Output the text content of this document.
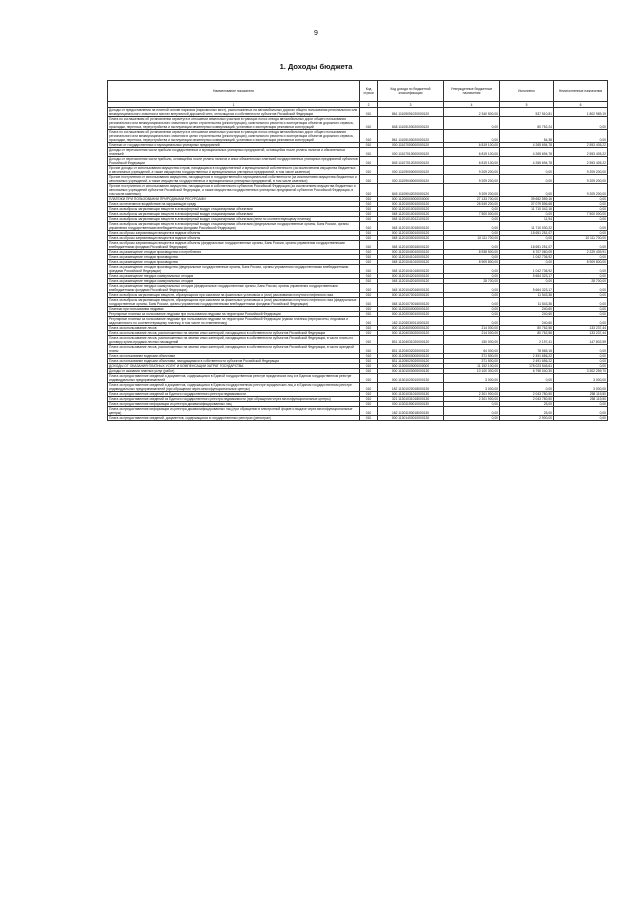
9
1. Доходы бюджета
Наименование показателя	Код строки	Код дохода по бюджетной классификации	Утвержденные бюджетные назначения	Исполнено	Неисполненные назначения
1	2	3	4	5	6
Доходы от предоставления на платной основе парковок (парковочных мест), расположенных на автомобильных дорогах общего пользования регионального или межмуниципального значения и местах внеуличной дорожной сети, относящихся к собственности субъектов Российской Федерации	010	861 11105091020000120	2 340 500,00	537 510,81	1 802 989,19
Плата по соглашениям об установлении сервитута в отношении земельных участков в границах полос отвода автомобильных дорог общего пользования регионального или межмуниципального значения в целях строительства (реконструкции), капитального ремонта и эксплуатации объектов дорожного сервиса, прокладки, переноса, переустройства и эксплуатации инженерных коммуникаций, установки и эксплуатации рекламных конструкций	010	848 11105100020000120	0,00	80 752,24	0,00
Плата по соглашениям об установлении сервитута в отношении земельных участков в границах полос отвода автомобильных дорог общего пользования регионального или межмуниципального значения в целях строительства (реконструкции), капитального ремонта и эксплуатации объектов дорожного сервиса, прокладки, переноса, переустройства и эксплуатации инженерных коммуникаций, установки и эксплуатации рекламных конструкций	010	861 11105100020000120	0,00	54,38	0,00
Платежи от государственных и муниципальных унитарных предприятий	010	000 11107000000000120	6 819 100,00	4 265 694,78	2 553 405,22
Доходы от перечисления части прибыли государственных и муниципальных унитарных предприятий, остающейся после уплаты налогов и обязательных платежей	010	000 11107010000000120	6 819 100,00	4 265 694,78	2 553 405,22
Доходы от перечисления части прибыли, остающейся после уплаты налогов и иных обязательных платежей государственных унитарных предприятий субъектов Российской Федерации	010	845 11107012020000120	6 819 100,00	4 265 694,78	2 553 405,22
Прочие доходы от использования имущества и прав, находящихся в государственной и муниципальной собственности (за исключением имущества бюджетных и автономных учреждений, а также имущества государственных и муниципальных унитарных предприятий, в том числе казенных)	010	000 11109000000000120	9 209 200,00	0,00	9 209 200,00
Прочие поступления от использования имущества, находящегося в государственной и муниципальной собственности (за исключением имущества бюджетных и автономных учреждений, а также имущества государственных и муниципальных унитарных предприятий, в том числе казенных)	010	000 11109040000000120	9 209 200,00	0,00	9 209 200,00
Прочие поступления от использования имущества, находящегося в собственности субъектов Российской Федерации (за исключением имущества бюджетных и автономных учреждений субъектов Российской Федерации, а также имущества государственных унитарных предприятий субъектов Российской Федерации, в том числе казенных)	010	845 11109042020000120	9 209 200,00	0,00	9 209 200,00
ПЛАТЕЖИ ПРИ ПОЛЬЗОВАНИИ ПРИРОДНЫМИ РЕСУРСАМИ	010	000 11200000000000000	27 133 700,00	39 652 559,16	0,00
Плата за негативное воздействие на окружающую среду	010	000 11201000010000120	26 549 200,00	37 079 896,68	0,00
Плата за выбросы загрязняющих веществ в атмосферный воздух стационарными объектами	010	000 11201010010000120	0,00	11 710 042,16	0,00
Плата за выбросы загрязняющих веществ в атмосферный воздух стационарными объектами	010	048 11201010010000120	7 500 000,00	0,00	7 500 000,00
Плата за выбросы загрязняющих веществ в атмосферный воздух стационарными объектами (пени по соответствующему платежу)	010	048 11201010012100120	0,00	11,94	0,00
Плата за выбросы загрязняющих веществ в атмосферный воздух стационарными объектами (федеральные государственные органы, Банк России, органы управления государственными внебюджетными фондами Российской Федерации)	010	048 11201010016000120	0,00	11 710 030,22	0,00
Плата за сбросы загрязняющих веществ в водные объекты	010	000 11201030010000120	0,00	18 651 251,07	0,00
Плата за сбросы загрязняющих веществ в водные объекты	010	048 11201030010000120	10 111 700,00	0,00	10 111 700,00
Плата за сбросы загрязняющих веществ в водные объекты (федеральные государственные органы, Банк России, органы управления государственными внебюджетными фондами Российской Федерации)	010	048 11201030016000120	0,00	18 651 251,07	0,00
Плата за размещение отходов производства и потребления	010	000 11201040010000120	8 938 500,00	6 707 060,09	2 229 439,91
Плата за размещение отходов производства	010	000 11201041010000120	0,00	1 042 736,92	0,00
Плата за размещение отходов производства	010	048 11201041010000120	8 909 800,00	0,00	8 909 800,00
Плата за размещение отходов производства (федеральные государственные органы, Банк России, органы управления государственными внебюджетными фондами Российской Федерации)	010	048 11201041016000120	0,00	1 042 736,92	0,00
Плата за размещение твердых коммунальных отходов	010	000 11201042010000120	0,00	5 664 323,17	0,00
Плата за размещение твердых коммунальных отходов	010	048 11201042010000120	28 700,00	0,00	28 700,00
Плата за размещение твердых коммунальных отходов (федеральные государственные органы, Банк России, органы управления государственными внебюджетными фондами Российской Федерации)	010	048 11201042016000120	0,00	5 664 323,17	0,00
Плата за выбросы загрязняющих веществ, образующихся при сжигании на факельных установках и (или) рассеивании попутного нефтяного газа	010	000 11201070010000120	0,00	11 543,36	0,00
Плата за выбросы загрязняющих веществ, образующихся при сжигании на факельных установках и (или) рассеивании попутного нефтяного газа (федеральные государственные органы, Банк России, органы управления государственными внебюджетными фондами Российской Федерации)	010	048 11201070016000120	0,00	11 543,36	0,00
Платежи при пользовании недрами	010	000 11202000000000120	0,00	240,60	0,00
Регулярные платежи за пользование недрами при пользовании недрами на территории Российской Федерации	010	000 11202030010000120	0,00	240,60	0,00
Регулярные платежи за пользование недрами при пользовании недрами на территории Российской Федерации (суммы платежа (перерасчеты, недоимка и задолженность по соответствующему платежу, в том числе по отмененному)	010	182 11202030011000120	0,00	240,60	0,00
Плата за использование лесов	010	000 11204000000000120	214 000,00	80 762,56	133 237,44
Плата за использование лесов, расположенных на землях иных категорий, находящихся в собственности субъектов Российской Федерации	010	000 11204030020000120	214 000,00	80 762,56	133 237,44
Плата за использование лесов, расположенных на землях иных категорий, находящихся в собственности субъектов Российской Федерации, в части платы по договору купли-продажи лесных насаждений	010	831 11204031020000120	150 000,00	2 197,41	147 802,59
Плата за использование лесов, расположенных на землях иных категорий, находящихся в собственности субъектов Российской Федерации, в части арендной платы	010	831 11204032020000120	64 000,00	78 565,15	0,00
Плата за пользование водными объектами	010	000 11205000000000120	371 500,00	2 491 656,22	0,00
Плата за пользование водными объектами, находящимися в собственности субъектов Российской Федерации	010	831 11205020020000120	371 500,00	2 491 656,22	0,00
ДОХОДЫ ОТ ОКАЗАНИЯ ПЛАТНЫХ УСЛУГ И КОМПЕНСАЦИИ ЗАТРАТ ГОСУДАРСТВА	010	000 11300000000000000	11 152 100,00	178 023 546,61	0,00
Доходы от оказания платных услуг (работ)	010	000 11301000000000130	10 100 300,00	6 798 040,30	3 302 259,70
Плата за предоставление сведений и документов, содержащихся в Единой государственном реестре юридических лиц и в Едином государственном реестре индивидуальных предпринимателей	010	000 11301020010000130	3 000,00	0,00	3 000,00
Плата за предоставление сведений и документов, содержащихся в Едином государственном реестре юридических лиц и в Едином государственном реестре индивидуальных предпринимателей (при обращении через многофункциональные центры)	010	182 11301020018000130	3 000,00	0,00	3 000,00
Плата за предоставление сведений из Единого государственного реестра недвижимости	010	000 11301031010000130	2 301 900,00	2 043 780,50	258 119,50
Плата за предоставление сведений из Единого государственного реестра недвижимости (при обращении через многофункциональные центры)	010	321 11301031018000130	2 301 900,00	2 043 780,50	258 119,50
Плата за предоставление информации из реестра дисквалифицированных лиц	010	000 11301190010000130	0,00	25,00	0,00
Плата за предоставление информации из реестра дисквалифицированных лиц (при обращении в электронной форме и выдаче через многофункциональные центры)	010	182 11301190018000130	0,00	25,00	0,00
Плата за предоставление сведений, документов, содержащихся в государственных реестрах (регистрах)	010	000 11301400010000130	0,00	2 900,00	0,00
